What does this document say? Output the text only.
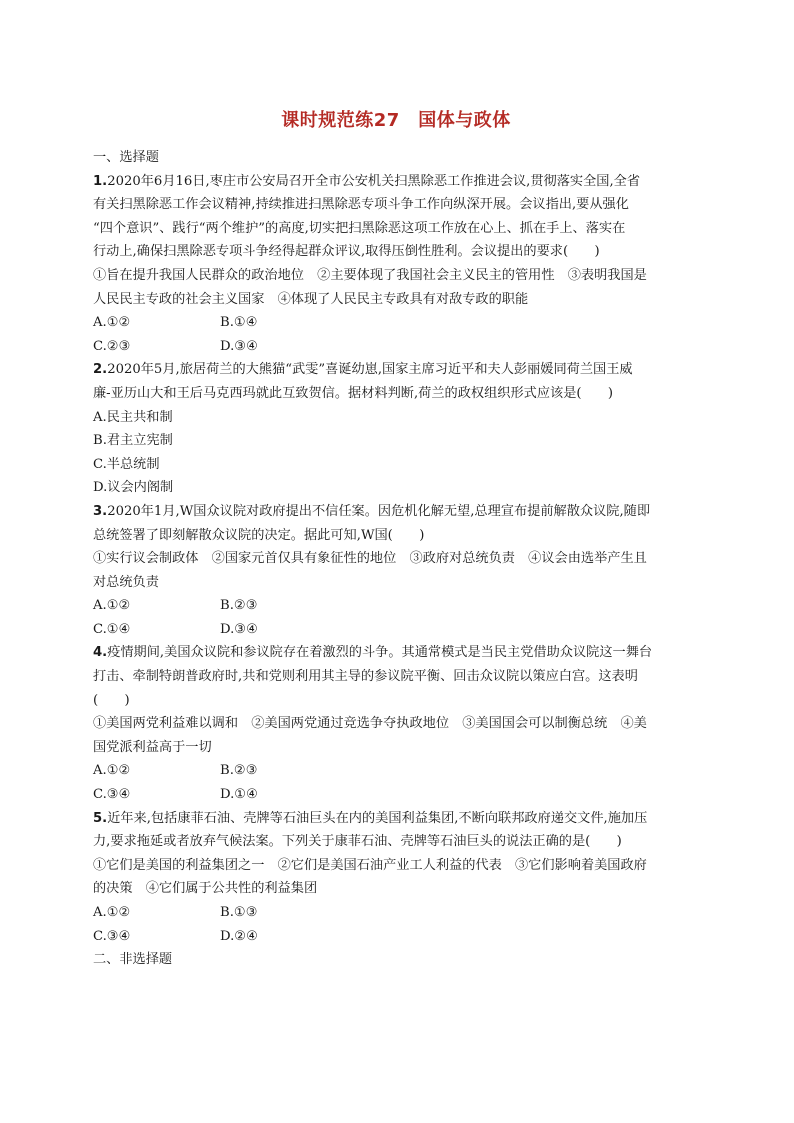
课时规范练27　国体与政体

一、选择题

1.2020年6月16日,枣庄市公安局召开全市公安机关扫黑除恶工作推进会议,贯彻落实全国,全省

有关扫黑除恶工作会议精神,持续推进扫黑除恶专项斗争工作向纵深开展。会议指出,要从强化

“四个意识”、践行“两个维护”的高度,切实把扫黑除恶这项工作放在心上、抓在手上、落实在

行动上,确保扫黑除恶专项斗争经得起群众评议,取得压倒性胜利。会议提出的要求(　　)

①旨在提升我国人民群众的政治地位　②主要体现了我国社会主义民主的管用性　③表明我国是

人民民主专政的社会主义国家　④体现了人民民主专政具有对敌专政的职能

A.①②	B.①④
C.②③	D.③④

2.2020年5月,旅居荷兰的大熊猫“武雯”喜诞幼崽,国家主席习近平和夫人彭丽媛同荷兰国王威

廉-亚历山大和王后马克西玛就此互致贺信。据材料判断,荷兰的政权组织形式应该是(　　)

A.民主共和制

B.君主立宪制

C.半总统制

D.议会内阁制

3.2020年1月,W国众议院对政府提出不信任案。因危机化解无望,总理宣布提前解散众议院,随即

总统签署了即刻解散众议院的决定。据此可知,W国(　　)

①实行议会制政体　②国家元首仅具有象征性的地位　③政府对总统负责　④议会由选举产生且

对总统负责

A.①②	B.②③
C.①④	D.③④

4.疫情期间,美国众议院和参议院存在着激烈的斗争。其通常模式是当民主党借助众议院这一舞台

打击、牵制特朗普政府时,共和党则利用其主导的参议院平衡、回击众议院以策应白宫。这表明

(　　)

①美国两党利益难以调和　②美国两党通过竞选争夺执政地位　③美国国会可以制衡总统　④美

国党派利益高于一切

A.①②	B.②③
C.③④	D.①④

5.近年来,包括康菲石油、壳牌等石油巨头在内的美国利益集团,不断向联邦政府递交文件,施加压

力,要求拖延或者放弃气候法案。下列关于康菲石油、壳牌等石油巨头的说法正确的是(　　)

①它们是美国的利益集团之一　②它们是美国石油产业工人利益的代表　③它们影响着美国政府

的决策　④它们属于公共性的利益集团

A.①②	B.①③
C.③④	D.②④

二、非选择题
